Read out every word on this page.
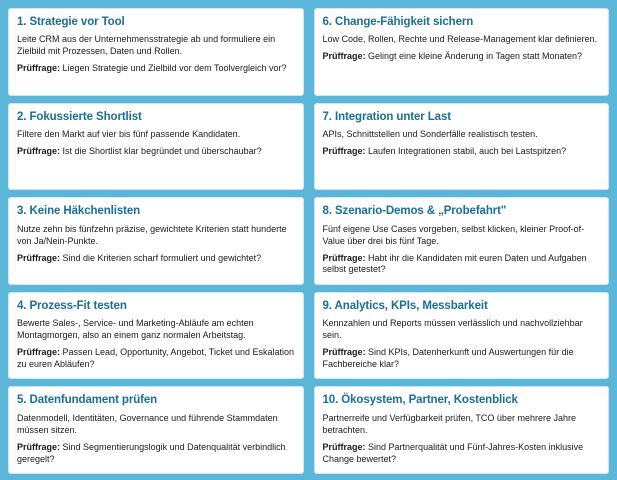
1. Strategie vor Tool
Leite CRM aus der Unternehmensstrategie ab und formuliere ein Zielbild mit Prozessen, Daten und Rollen.
Prüffrage: Liegen Strategie und Zielbild vor dem Toolvergleich vor?
2. Fokussierte Shortlist
Filtere den Markt auf vier bis fünf passende Kandidaten.
Prüffrage: Ist die Shortlist klar begründet und überschaubar?
3. Keine Häkchenlisten
Nutze zehn bis fünfzehn präzise, gewichtete Kriterien statt hunderte von Ja/Nein-Punkte.
Prüffrage: Sind die Kriterien scharf formuliert und gewichtet?
4. Prozess-Fit testen
Bewerte Sales-, Service- und Marketing-Abläufe am echten Montagmorgen, also an einem ganz normalen Arbeitstag.
Prüffrage: Passen Lead, Opportunity, Angebot, Ticket und Eskalation zu euren Abläufen?
5. Datenfundament prüfen
Datenmodell, Identitäten, Governance und führende Stammdaten müssen sitzen.
Prüffrage: Sind Segmentierungslogik und Datenqualität verbindlich geregelt?
6. Change-Fähigkeit sichern
Low Code, Rollen, Rechte und Release-Management klar definieren.
Prüffrage: Gelingt eine kleine Änderung in Tagen statt Monaten?
7. Integration unter Last
APIs, Schnittstellen und Sonderfälle realistisch testen.
Prüffrage: Laufen Integrationen stabil, auch bei Lastspitzen?
8. Szenario-Demos & „Probefahrt"
Fünf eigene Use Cases vorgeben, selbst klicken, kleiner Proof-of-Value über drei bis fünf Tage.
Prüffrage: Habt ihr die Kandidaten mit euren Daten und Aufgaben selbst getestet?
9. Analytics, KPIs, Messbarkeit
Kennzahlen und Reports müssen verlässlich und nachvollziehbar sein.
Prüffrage: Sind KPIs, Datenherkunft und Auswertungen für die Fachbereiche klar?
10. Ökosystem, Partner, Kostenblick
Partnerreife und Verfügbarkeit prüfen, TCO über mehrere Jahre betrachten.
Prüffrage: Sind Partnerqualität und Fünf-Jahres-Kosten inklusive Change bewertet?
